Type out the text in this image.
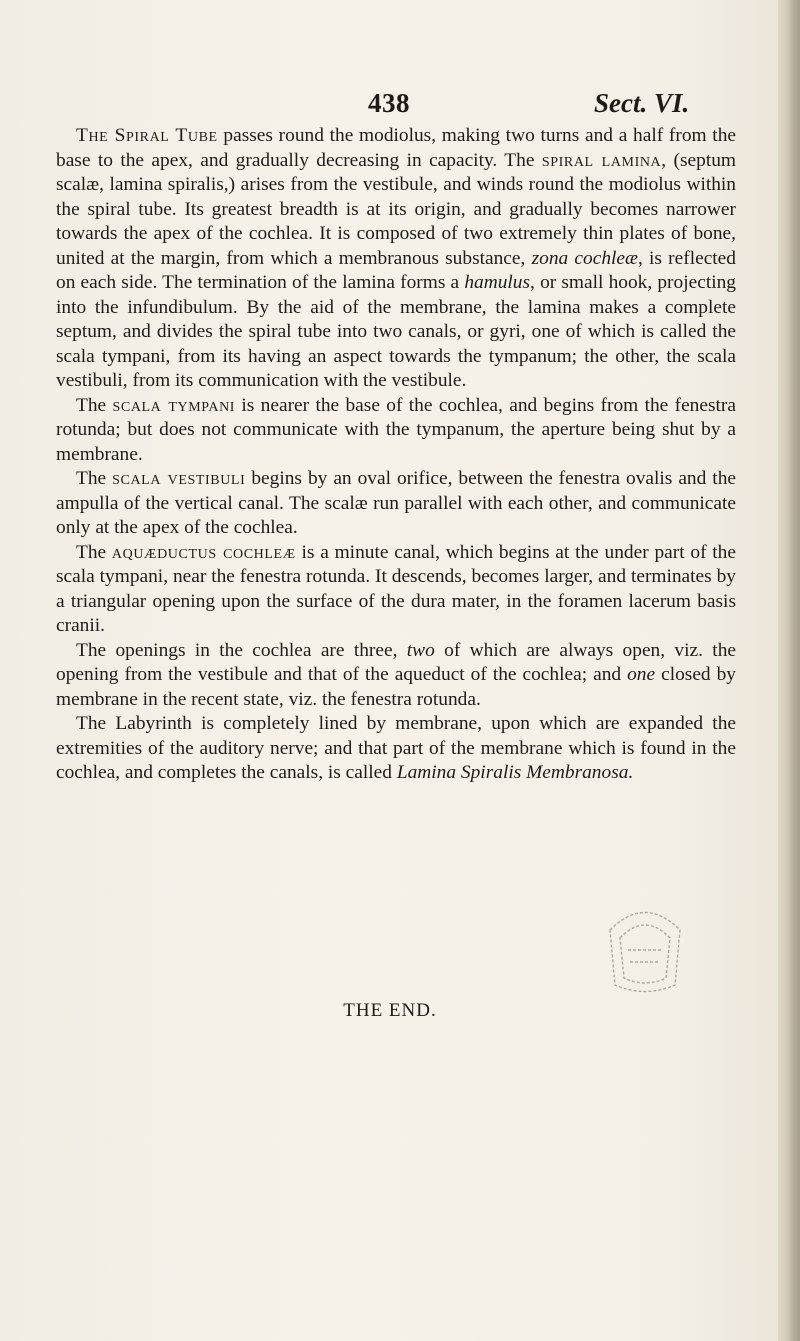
438	Sect. VI.

The Spiral Tube passes round the modiolus, making two turns and a half from the base to the apex, and gradually decreasing in capacity. The spiral lamina, (septum scalæ, lamina spiralis,) arises from the vestibule, and winds round the modiolus within the spiral tube. Its greatest breadth is at its origin, and gradually becomes narrower towards the apex of the cochlea. It is composed of two extremely thin plates of bone, united at the margin, from which a membranous substance, zona cochleæ, is reflected on each side. The termination of the lamina forms a hamulus, or small hook, projecting into the infundibulum. By the aid of the membrane, the lamina makes a complete septum, and divides the spiral tube into two canals, or gyri, one of which is called the scala tympani, from its having an aspect towards the tympanum; the other, the scala vestibuli, from its communication with the vestibule.

The scala tympani is nearer the base of the cochlea, and begins from the fenestra rotunda; but does not communicate with the tympanum, the aperture being shut by a membrane.

The scala vestibuli begins by an oval orifice, between the fenestra ovalis and the ampulla of the vertical canal. The scalæ run parallel with each other, and communicate only at the apex of the cochlea.

The aquæductus cochleæ is a minute canal, which begins at the under part of the scala tympani, near the fenestra rotunda. It descends, becomes larger, and terminates by a triangular opening upon the surface of the dura mater, in the foramen lacerum basis cranii.

The openings in the cochlea are three, two of which are always open, viz. the opening from the vestibule and that of the aqueduct of the cochlea; and one closed by membrane in the recent state, viz. the fenestra rotunda.

The Labyrinth is completely lined by membrane, upon which are expanded the extremities of the auditory nerve; and that part of the membrane which is found in the cochlea, and completes the canals, is called Lamina Spiralis Membranosa.

THE END.
